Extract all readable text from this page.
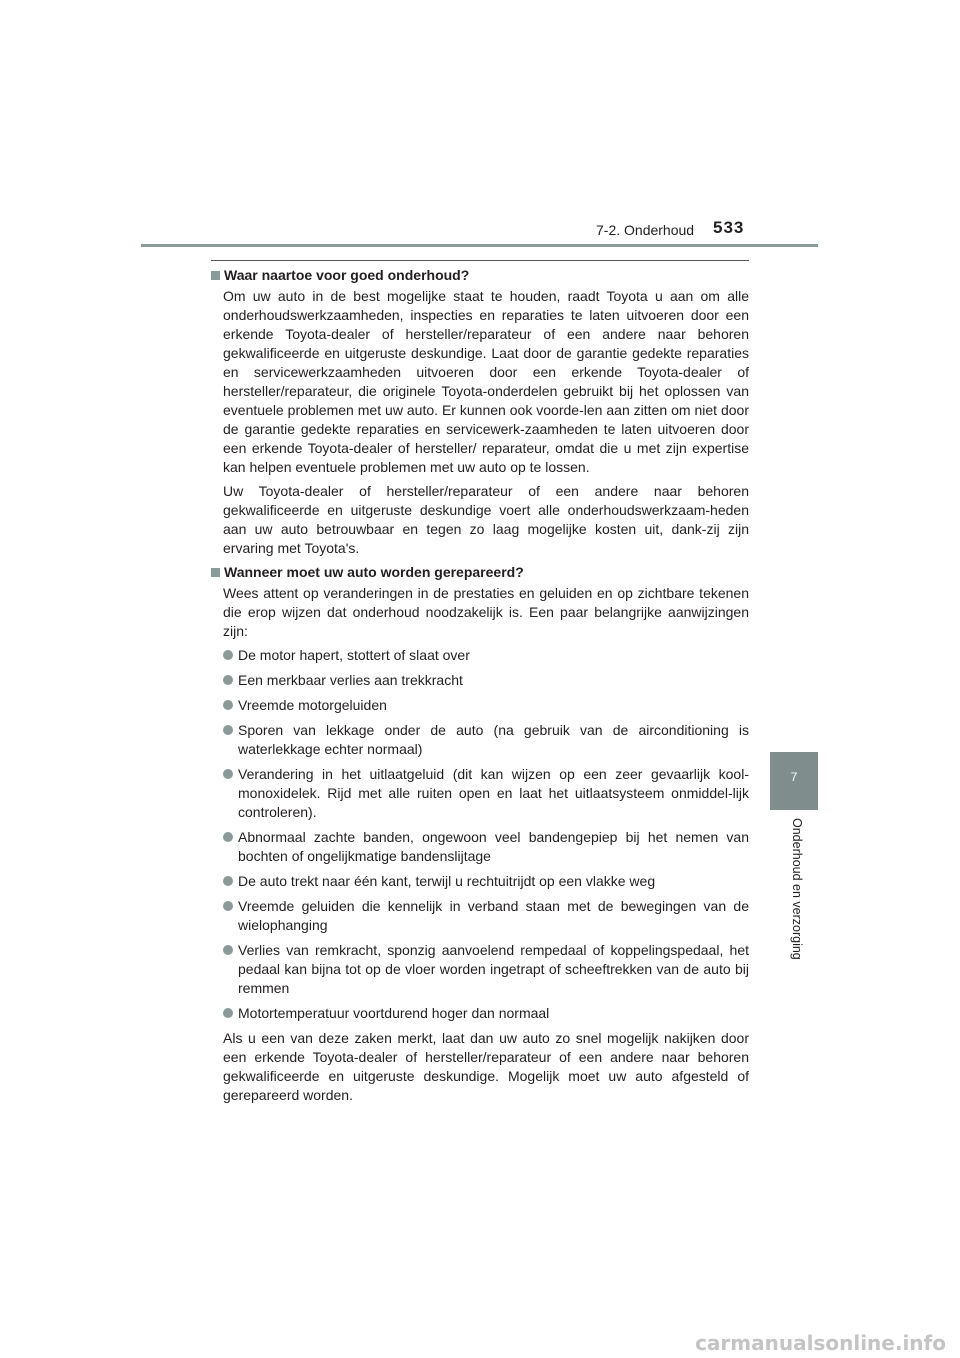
7-2. Onderhoud 533
7
Onderhoud en verzorging
Waar naartoe voor goed onderhoud?

Om uw auto in de best mogelijke staat te houden, raadt Toyota u aan om alle onderhoudswerkzaamheden, inspecties en reparaties te laten uitvoeren door een erkende Toyota-dealer of hersteller/reparateur of een andere naar behoren gekwalificeerde en uitgeruste deskundige. Laat door de garantie gedekte reparaties en servicewerkzaamheden uitvoeren door een erkende Toyota-dealer of hersteller/reparateur, die originele Toyota-onderdelen gebruikt bij het oplossen van eventuele problemen met uw auto. Er kunnen ook voorde-len aan zitten om niet door de garantie gedekte reparaties en servicewerk-zaamheden te laten uitvoeren door een erkende Toyota-dealer of hersteller/ reparateur, omdat die u met zijn expertise kan helpen eventuele problemen met uw auto op te lossen.

Uw Toyota-dealer of hersteller/reparateur of een andere naar behoren gekwalificeerde en uitgeruste deskundige voert alle onderhoudswerkzaam-heden aan uw auto betrouwbaar en tegen zo laag mogelijke kosten uit, dank-zij zijn ervaring met Toyota's.

Wanneer moet uw auto worden gerepareerd?

Wees attent op veranderingen in de prestaties en geluiden en op zichtbare tekenen die erop wijzen dat onderhoud noodzakelijk is. Een paar belangrijke aanwijzingen zijn:

De motor hapert, stottert of slaat over
Een merkbaar verlies aan trekkracht
Vreemde motorgeluiden
Sporen van lekkage onder de auto (na gebruik van de airconditioning is waterlekkage echter normaal)
Verandering in het uitlaatgeluid (dit kan wijzen op een zeer gevaarlijk kool-monoxidelek. Rijd met alle ruiten open en laat het uitlaatsysteem onmiddel-lijk controleren).
Abnormaal zachte banden, ongewoon veel bandengepiep bij het nemen van bochten of ongelijkmatige bandenslijtage
De auto trekt naar één kant, terwijl u rechtuitrijdt op een vlakke weg
Vreemde geluiden die kennelijk in verband staan met de bewegingen van de wielophanging
Verlies van remkracht, sponzig aanvoelend rempedaal of koppelingspedaal, het pedaal kan bijna tot op de vloer worden ingetrapt of scheeftrekken van de auto bij remmen
Motortemperatuur voortdurend hoger dan normaal

Als u een van deze zaken merkt, laat dan uw auto zo snel mogelijk nakijken door een erkende Toyota-dealer of hersteller/reparateur of een andere naar behoren gekwalificeerde en uitgeruste deskundige. Mogelijk moet uw auto afgesteld of gerepareerd worden.

carmanualsonline.info
